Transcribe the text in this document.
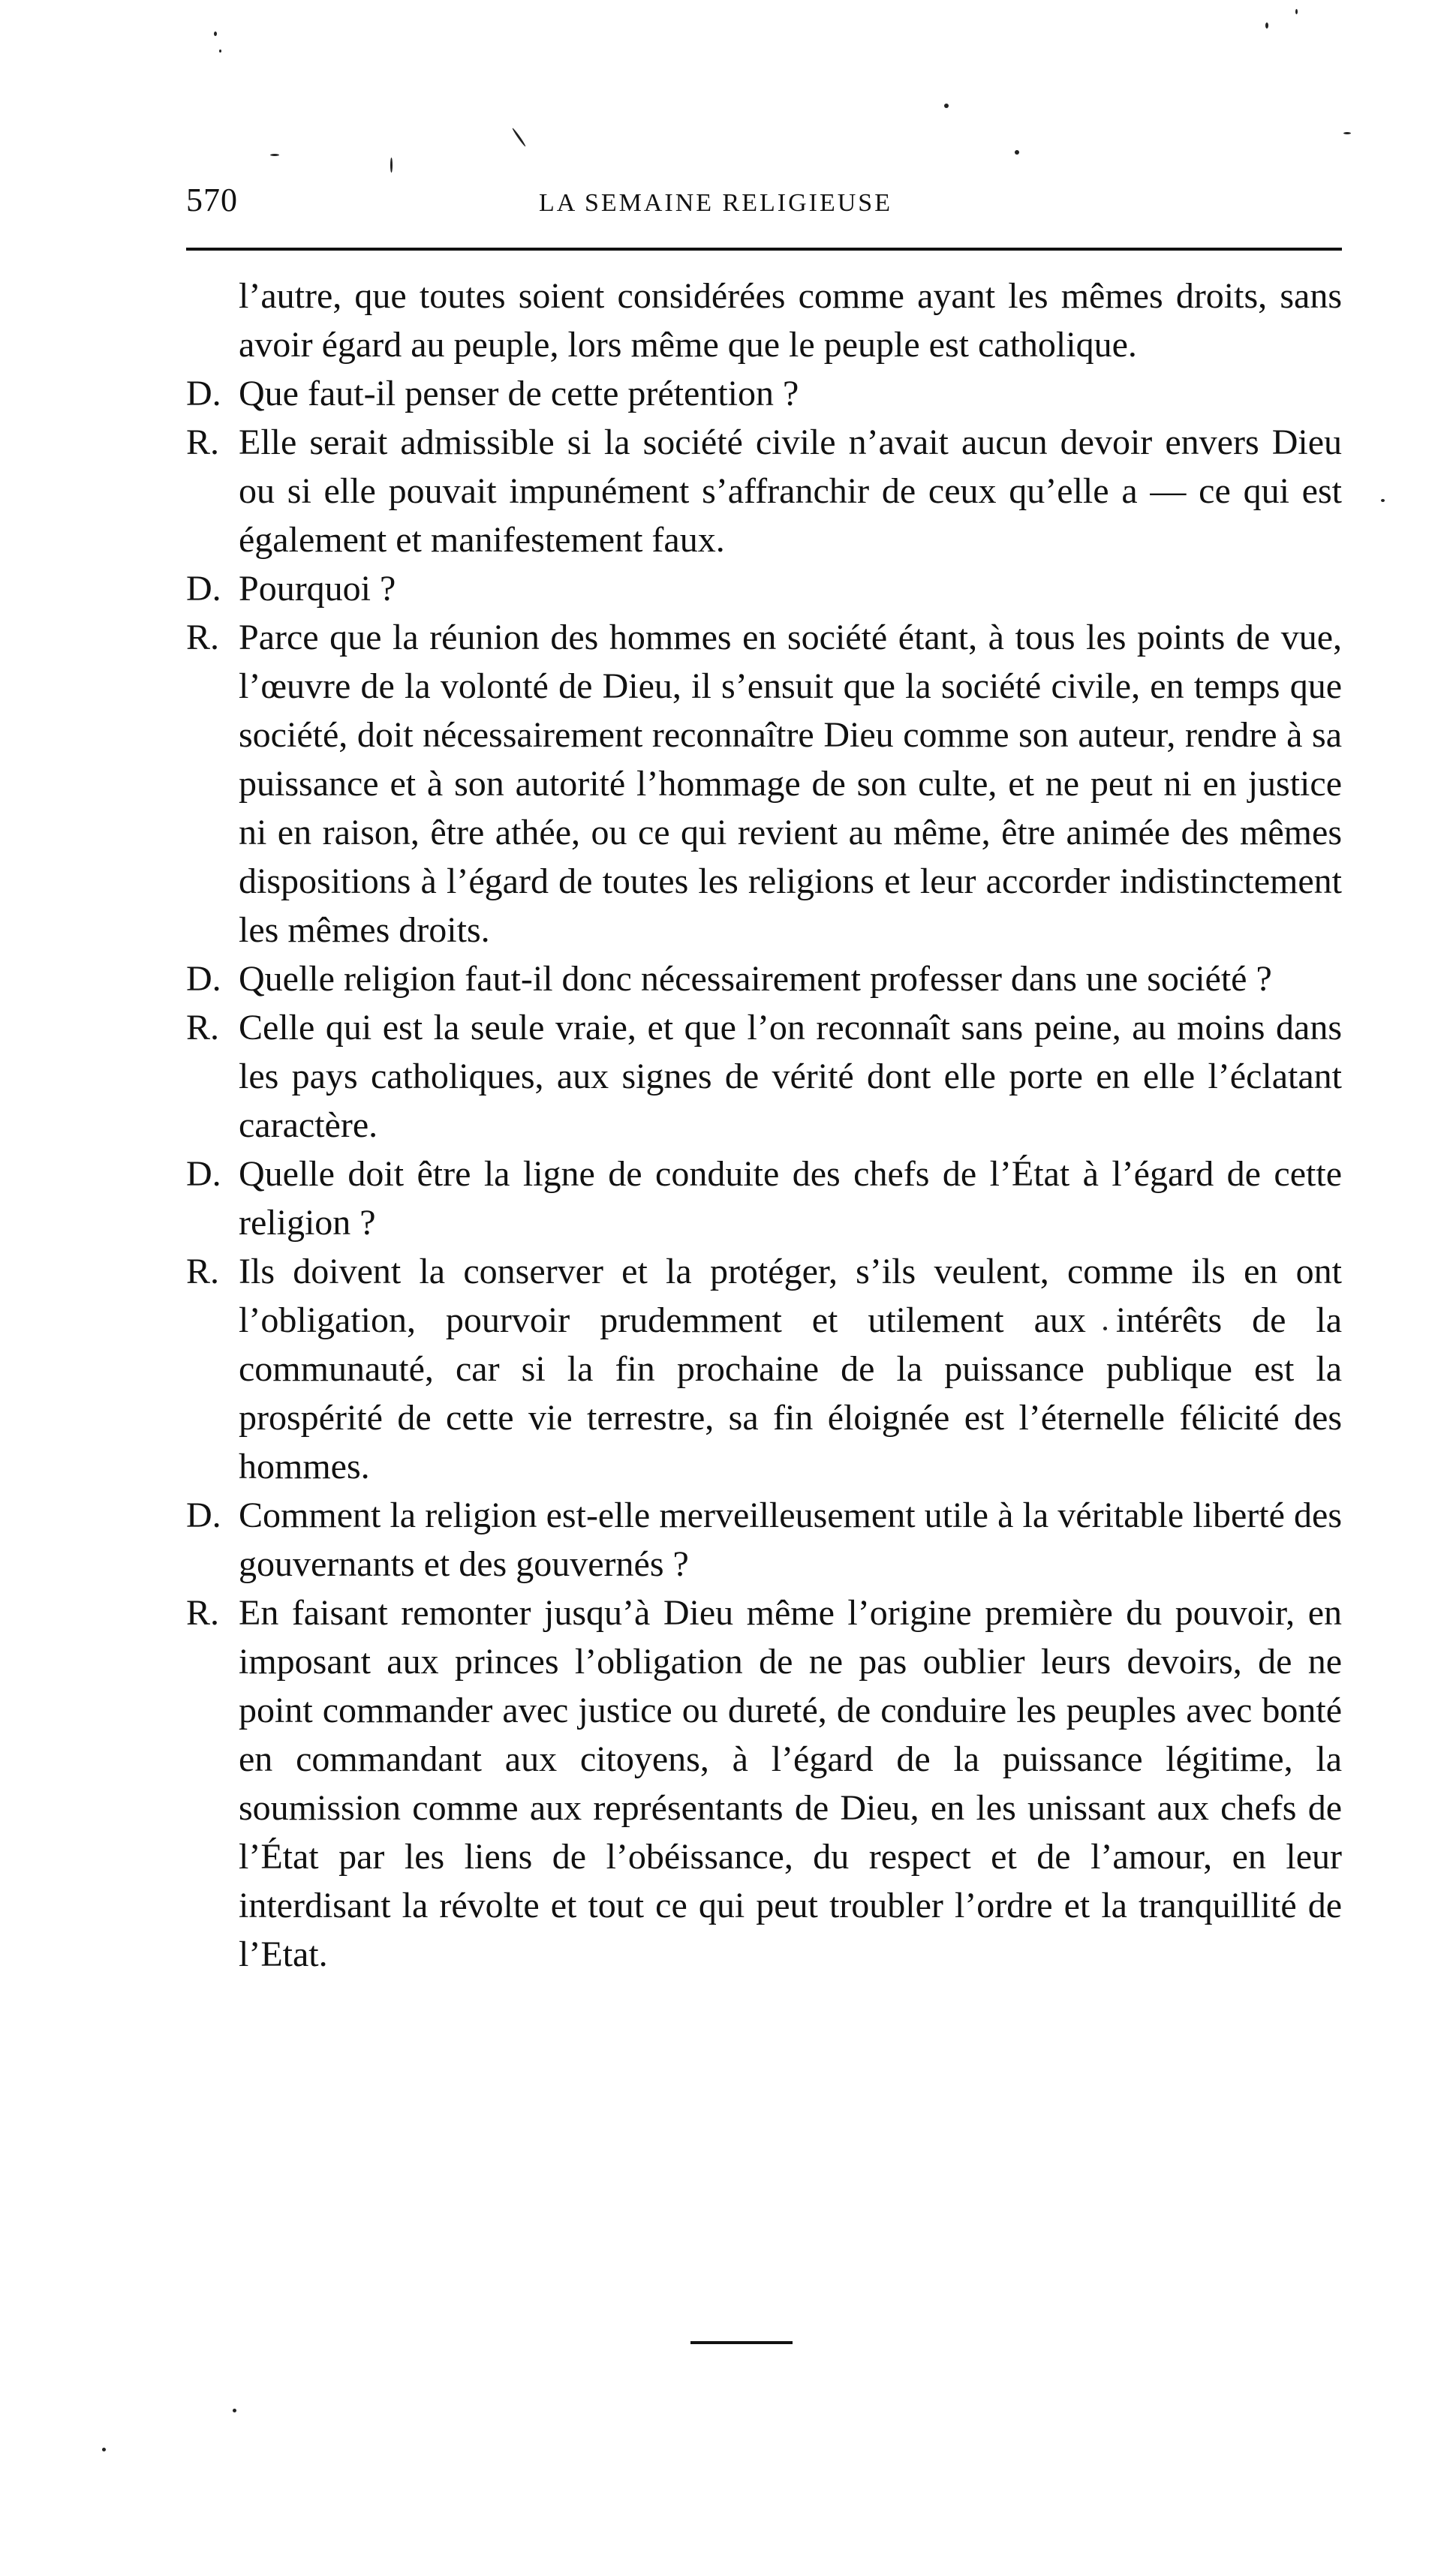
570	LA SEMAINE RELIGIEUSE
l’autre, que toutes soient considérées comme ayant les mêmes droits, sans avoir égard au peuple, lors même que le peuple est catholique.
D. Que faut-il penser de cette prétention ?
R. Elle serait admissible si la société civile n’avait aucun devoir envers Dieu ou si elle pouvait impunément s’affranchir de ceux qu’elle a — ce qui est également et manifestement faux.
D. Pourquoi ?
R. Parce que la réunion des hommes en société étant, à tous les points de vue, l’œuvre de la volonté de Dieu, il s’ensuit que la société civile, en temps que société, doit nécessairement reconnaître Dieu comme son auteur, rendre à sa puissance et à son autorité l’hommage de son culte, et ne peut ni en justice ni en raison, être athée, ou ce qui revient au même, être animée des mêmes dispositions à l’égard de toutes les religions et leur accorder indistinctement les mêmes droits.
D. Quelle religion faut-il donc nécessairement professer dans une société ?
R. Celle qui est la seule vraie, et que l’on reconnaît sans peine, au moins dans les pays catholiques, aux signes de vérité dont elle porte en elle l’éclatant caractère.
D. Quelle doit être la ligne de conduite des chefs de l’État à l’égard de cette religion ?
R. Ils doivent la conserver et la protéger, s’ils veulent, comme ils en ont l’obligation, pourvoir prudemment et utilement aux intérêts de la communauté, car si la fin prochaine de la puissance publique est la prospérité de cette vie terrestre, sa fin éloignée est l’éternelle félicité des hommes.
D. Comment la religion est-elle merveilleusement utile à la véritable liberté des gouvernants et des gouvernés ?
R. En faisant remonter jusqu’à Dieu même l’origine première du pouvoir, en imposant aux princes l’obligation de ne pas oublier leurs devoirs, de ne point commander avec justice ou dureté, de conduire les peuples avec bonté en commandant aux citoyens, à l’égard de la puissance légitime, la soumission comme aux représentants de Dieu, en les unissant aux chefs de l’État par les liens de l’obéissance, du respect et de l’amour, en leur interdisant la révolte et tout ce qui peut troubler l’ordre et la tranquillité de l’Etat.
